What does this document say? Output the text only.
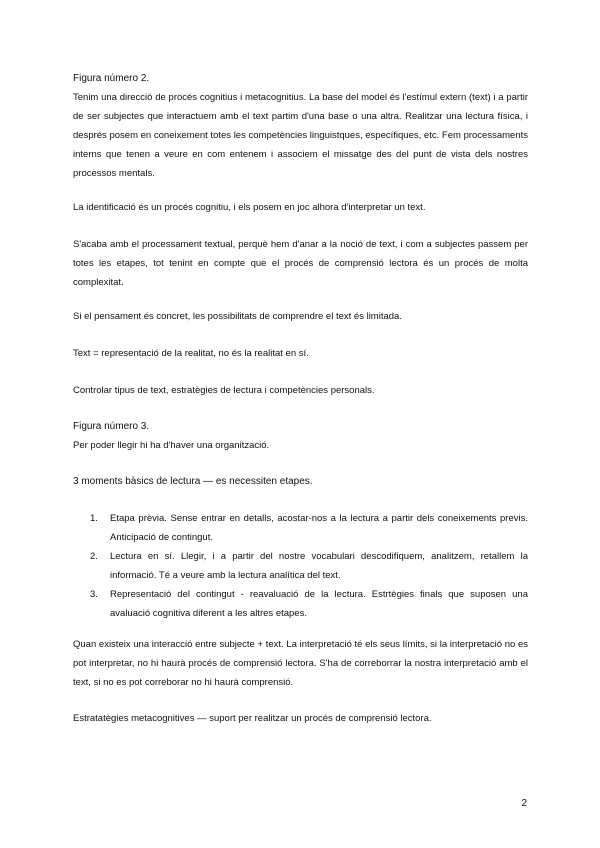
Figura número 2.

Tenim una direcció de procés cognitius i metacognitius. La base del model és l'estímul extern (text) i a partir de ser subjectes que interactuem amb el text partim d'una base o una altra. Realitzar una lectura física, i després posem en coneixement totes les competències linguistques, específiques, etc. Fem processaments interns que tenen a veure en com entenem i associem el missatge des del punt de vista dels nostres processos mentals.

La identificació és un procés cognitiu, i els posem en joc alhora d'interpretar un text.

S'acaba amb el processament textual, perquè hem d'anar a la noció de text, i com a subjectes passem per totes les etapes, tot tenint en compte que el procés de comprensió lectora és un procés de molta complexitat.

Si el pensament és concret, les possibilitats de comprendre el text és limitada.

Text = representació de la realitat, no és la realitat en sí.

Controlar tipus de text, estratègies de lectura i competències personals.

Figura número 3.

Per poder llegir hi ha d'haver una organització.

3 moments bàsics de lectura — es necessiten etapes.

1. Etapa prèvia. Sense entrar en detalls, acostar-nos a la lectura a partir dels coneixements previs. Anticipació de contingut.
2. Lectura en sí. Llegir, i a partir del nostre vocabulari descodifiquem, analitzem, retallem la informació. Té a veure amb la lectura analítica del text.
3. Representació del contingut - reavaluació de la lectura. Estrtègies finals que suposen una avaluació cognitiva diferent a les altres etapes.

Quan existeix una interacció entre subjecte + text. La interpretació té els seus límits, si la interpretació no es pot interpretar, no hi haurà procés de comprensió lectora. S'ha de correborrar la nostra interpretació amb el text, si no es pot correborar no hi haurà comprensió.

Estratatègies metacognitives — suport per realitzar un procés de comprensió lectora.

2
